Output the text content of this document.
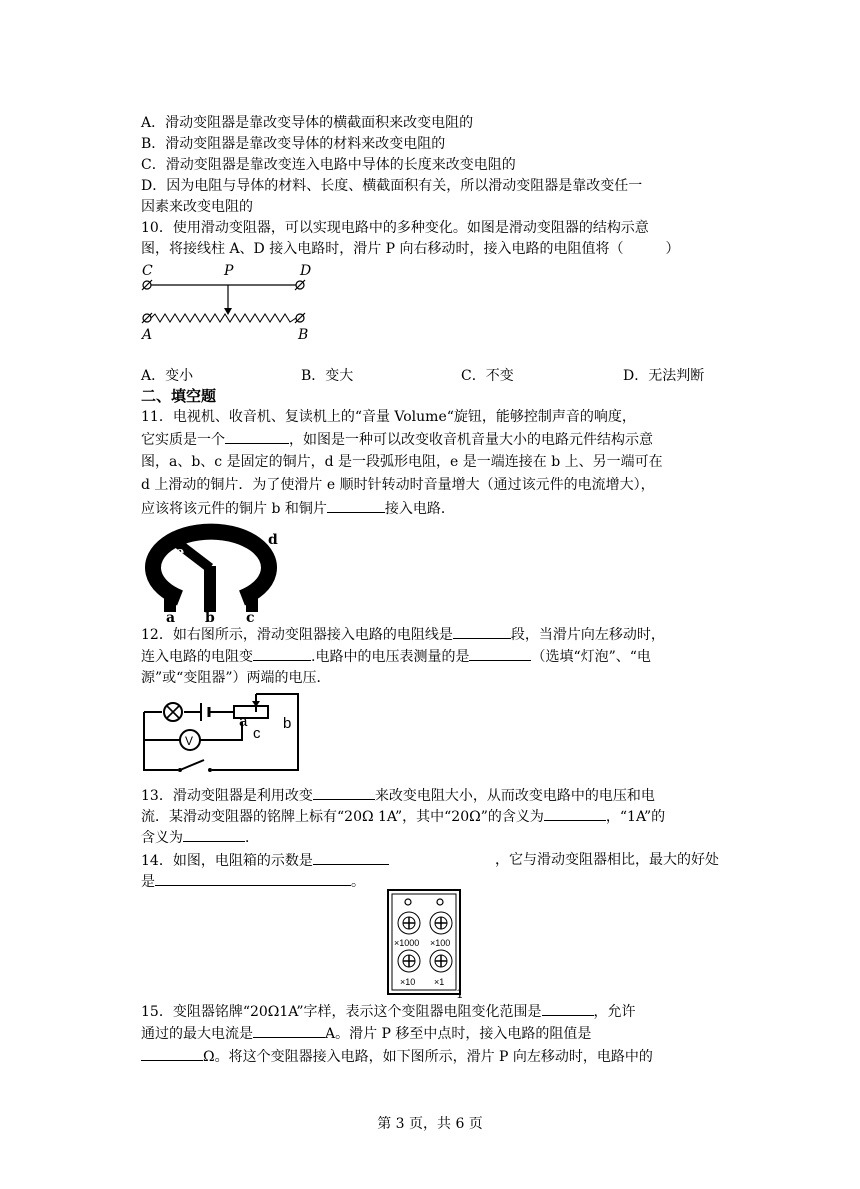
A．滑动变阻器是靠改变导体的横截面积来改变电阻的
B．滑动变阻器是靠改变导体的材料来改变电阻的
C．滑动变阻器是靠改变连入电路中导体的长度来改变电阻的
D．因为电阻与导体的材料、长度、横截面积有关，所以滑动变阻器是靠改变任一
因素来改变电阻的
10．使用滑动变阻器，可以实现电路中的多种变化。如图是滑动变阻器的结构示意
图，将接线柱 A、D 接入电路时，滑片 P 向右移动时，接入电路的电阻值将（　　　）
C	P	D
A	B
A．变小	B．变大	C．不变	D．无法判断
二、填空题
11．电视机、收音机、复读机上的“音量 Volume“旋钮，能够控制声音的响度，
它实质是一个	，如图是一种可以改变收音机音量大小的电路元件结构示意
图，a、b、c 是固定的铜片，d 是一段弧形电阻，e 是一端连接在 b 上、另一端可在
d 上滑动的铜片．为了使滑片 e 顺时针转动时音量增大（通过该元件的电流增大），
应该将该元件的铜片 b 和铜片	接入电路．
e
d
a b c
12．如右图所示，滑动变阻器接入电路的电阻线是	段，当滑片向左移动时，
连入电路的电阻变	.电路中的电压表测量的是	（选填“灯泡”、“电
源”或“变阻器”）两端的电压．
V
a b
c
13．滑动变阻器是利用改变	来改变电阻大小，从而改变电路中的电压和电
流．某滑动变阻器的铭牌上标有“20Ω 1A”，其中“20Ω”的含义为	，“1A”的
含义为	．
14．如图，电阻箱的示数是	，它与滑动变阻器相比，最大的好处
是	。
×1000 ×100
×10 ×1
1
15．变阻器铭牌“20Ω1A”字样，表示这个变阻器电阻变化范围是	，允许
通过的最大电流是	A。滑片 P 移至中点时，接入电路的阻值是
Ω。将这个变阻器接入电路，如下图所示，滑片 P 向左移动时，电路中的
第 3 页，共 6 页
